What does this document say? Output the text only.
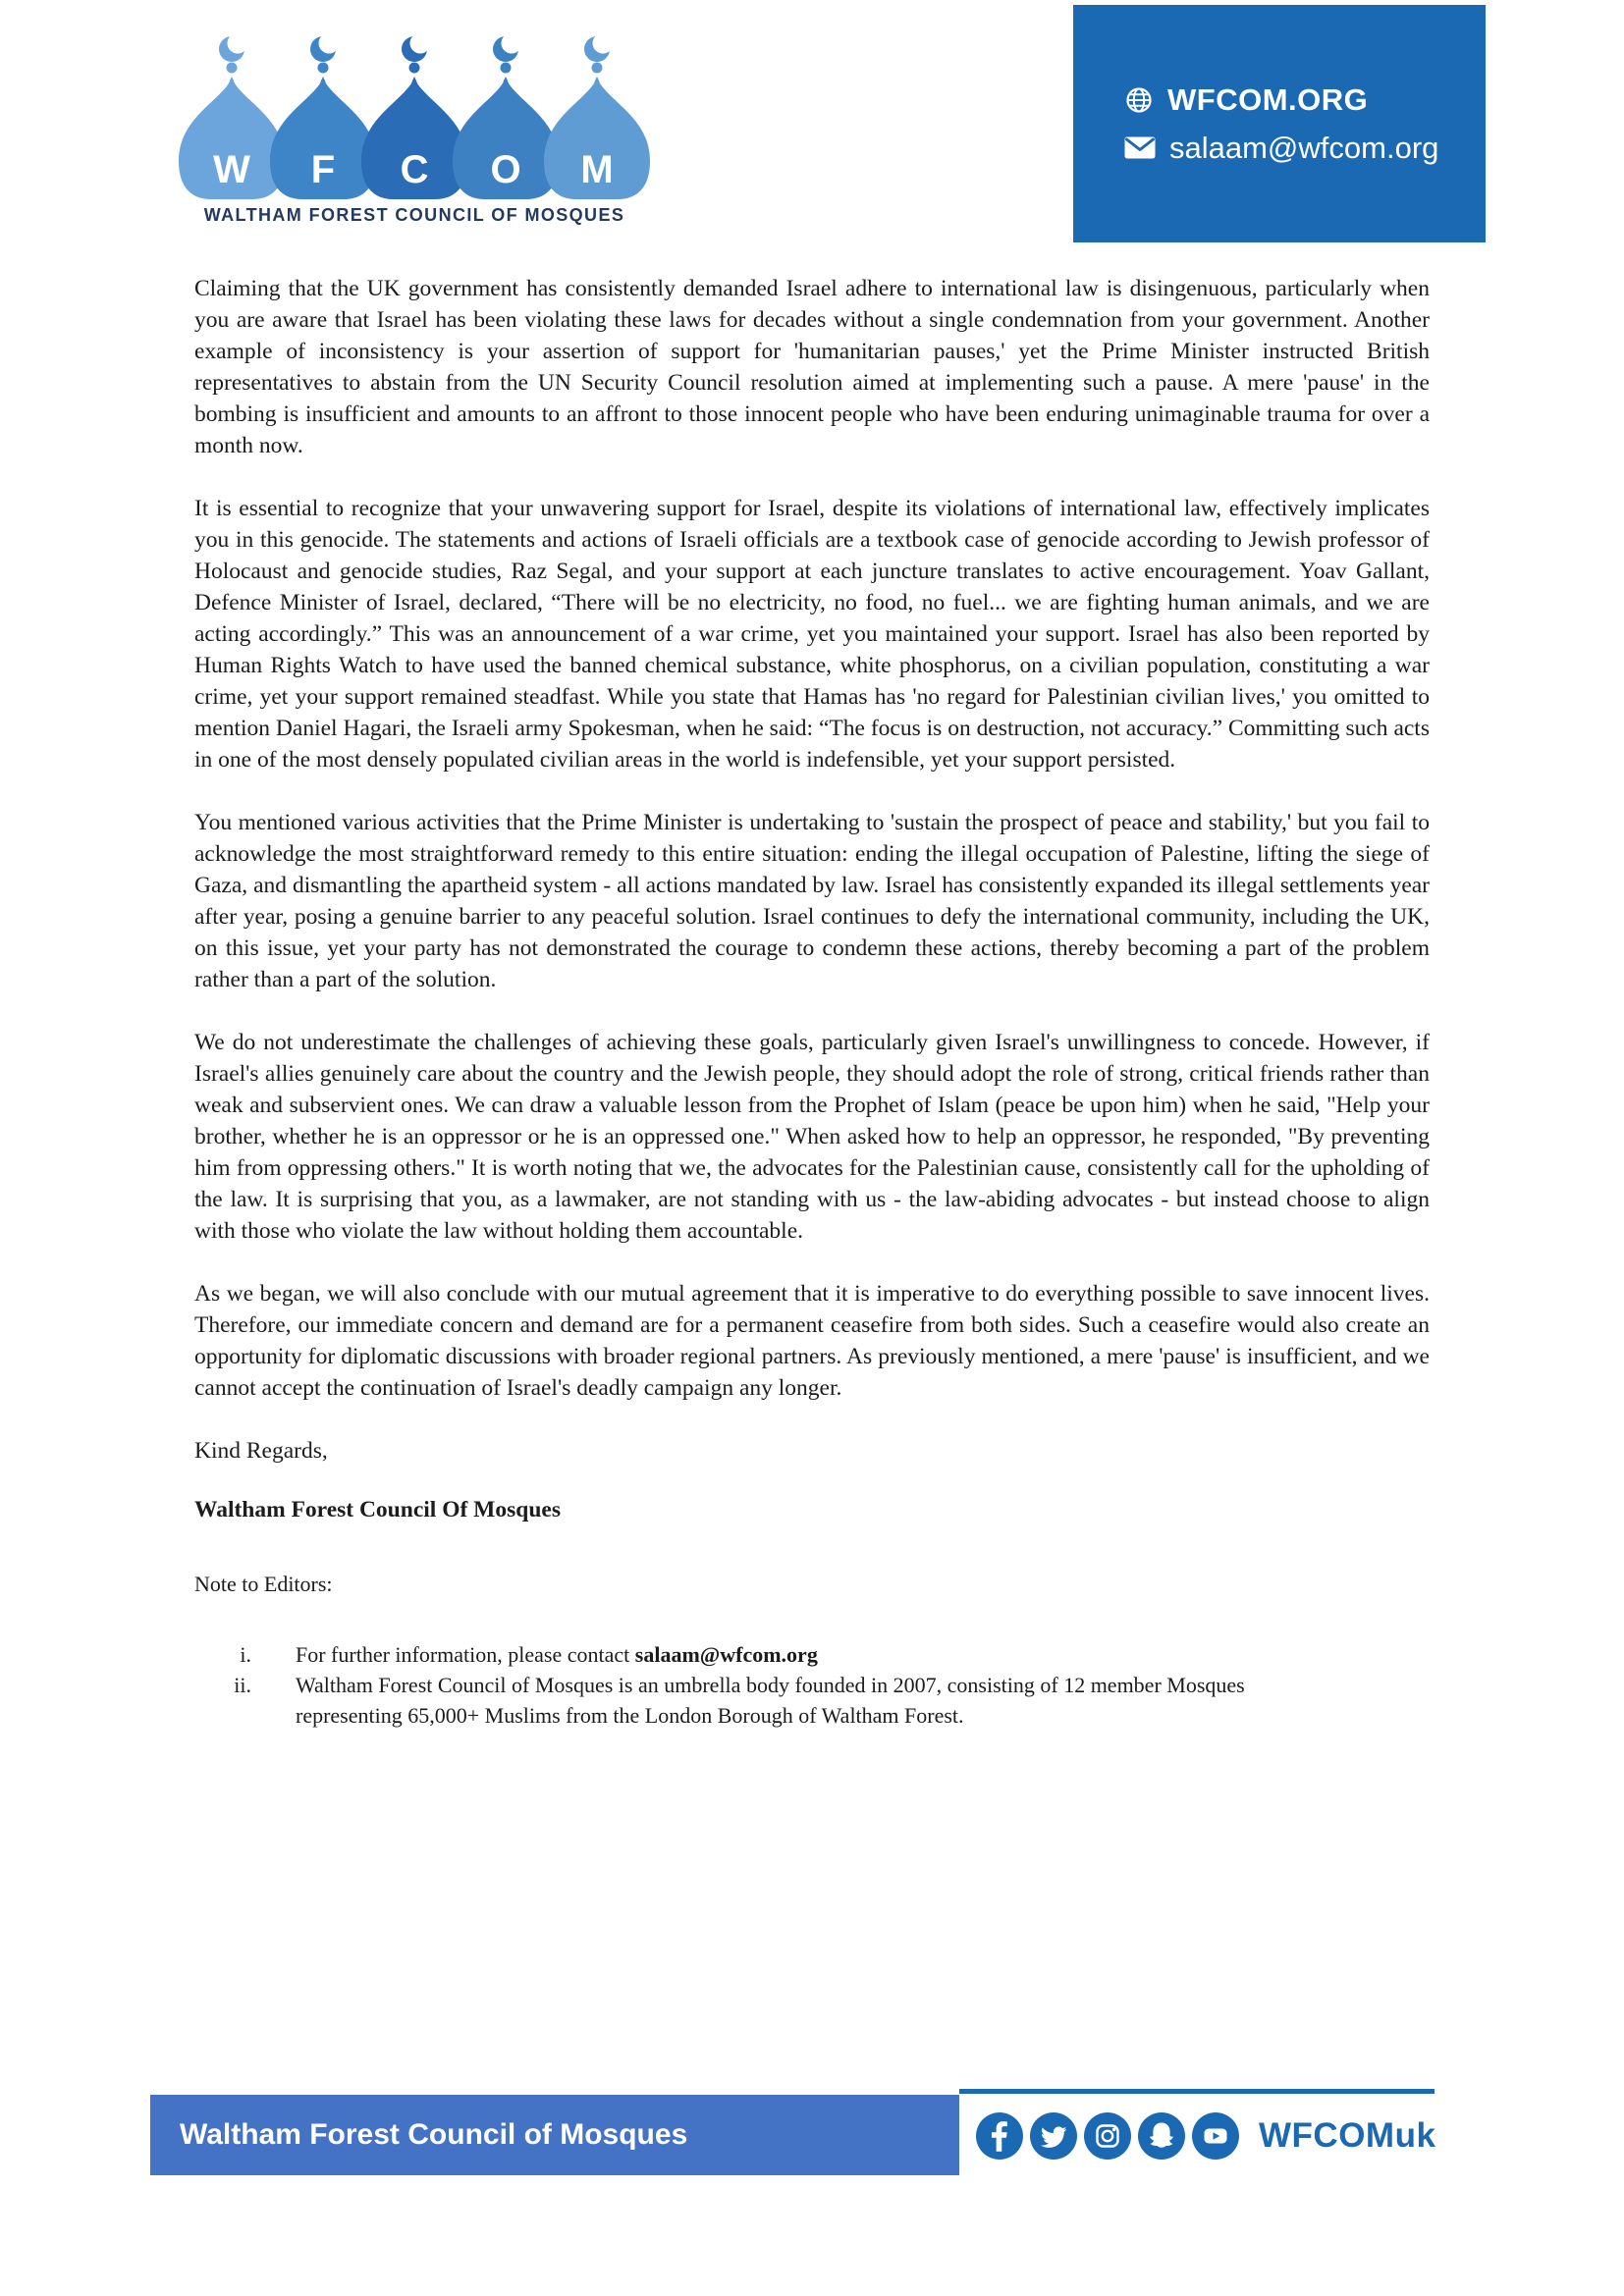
W F C O M
WALTHAM FOREST COUNCIL OF MOSQUES
WFCOM.ORG
salaam@wfcom.org

Claiming that the UK government has consistently demanded Israel adhere to international law is disingenuous, particularly when you are aware that Israel has been violating these laws for decades without a single condemnation from your government. Another example of inconsistency is your assertion of support for 'humanitarian pauses,' yet the Prime Minister instructed British representatives to abstain from the UN Security Council resolution aimed at implementing such a pause. A mere 'pause' in the bombing is insufficient and amounts to an affront to those innocent people who have been enduring unimaginable trauma for over a month now.

It is essential to recognize that your unwavering support for Israel, despite its violations of international law, effectively implicates you in this genocide. The statements and actions of Israeli officials are a textbook case of genocide according to Jewish professor of Holocaust and genocide studies, Raz Segal, and your support at each juncture translates to active encouragement. Yoav Gallant, Defence Minister of Israel, declared, “There will be no electricity, no food, no fuel... we are fighting human animals, and we are acting accordingly.” This was an announcement of a war crime, yet you maintained your support. Israel has also been reported by Human Rights Watch to have used the banned chemical substance, white phosphorus, on a civilian population, constituting a war crime, yet your support remained steadfast. While you state that Hamas has 'no regard for Palestinian civilian lives,' you omitted to mention Daniel Hagari, the Israeli army Spokesman, when he said: “The focus is on destruction, not accuracy.” Committing such acts in one of the most densely populated civilian areas in the world is indefensible, yet your support persisted.

You mentioned various activities that the Prime Minister is undertaking to 'sustain the prospect of peace and stability,' but you fail to acknowledge the most straightforward remedy to this entire situation: ending the illegal occupation of Palestine, lifting the siege of Gaza, and dismantling the apartheid system - all actions mandated by law. Israel has consistently expanded its illegal settlements year after year, posing a genuine barrier to any peaceful solution. Israel continues to defy the international community, including the UK, on this issue, yet your party has not demonstrated the courage to condemn these actions, thereby becoming a part of the problem rather than a part of the solution.

We do not underestimate the challenges of achieving these goals, particularly given Israel's unwillingness to concede. However, if Israel's allies genuinely care about the country and the Jewish people, they should adopt the role of strong, critical friends rather than weak and subservient ones. We can draw a valuable lesson from the Prophet of Islam (peace be upon him) when he said, "Help your brother, whether he is an oppressor or he is an oppressed one." When asked how to help an oppressor, he responded, "By preventing him from oppressing others." It is worth noting that we, the advocates for the Palestinian cause, consistently call for the upholding of the law. It is surprising that you, as a lawmaker, are not standing with us - the law-abiding advocates - but instead choose to align with those who violate the law without holding them accountable.

As we began, we will also conclude with our mutual agreement that it is imperative to do everything possible to save innocent lives. Therefore, our immediate concern and demand are for a permanent ceasefire from both sides. Such a ceasefire would also create an opportunity for diplomatic discussions with broader regional partners. As previously mentioned, a mere 'pause' is insufficient, and we cannot accept the continuation of Israel's deadly campaign any longer.

Kind Regards,

Waltham Forest Council Of Mosques

Note to Editors:

i. For further information, please contact salaam@wfcom.org
ii. Waltham Forest Council of Mosques is an umbrella body founded in 2007, consisting of 12 member Mosques representing 65,000+ Muslims from the London Borough of Waltham Forest.
Waltham Forest Council of Mosques	WFCOMuk
